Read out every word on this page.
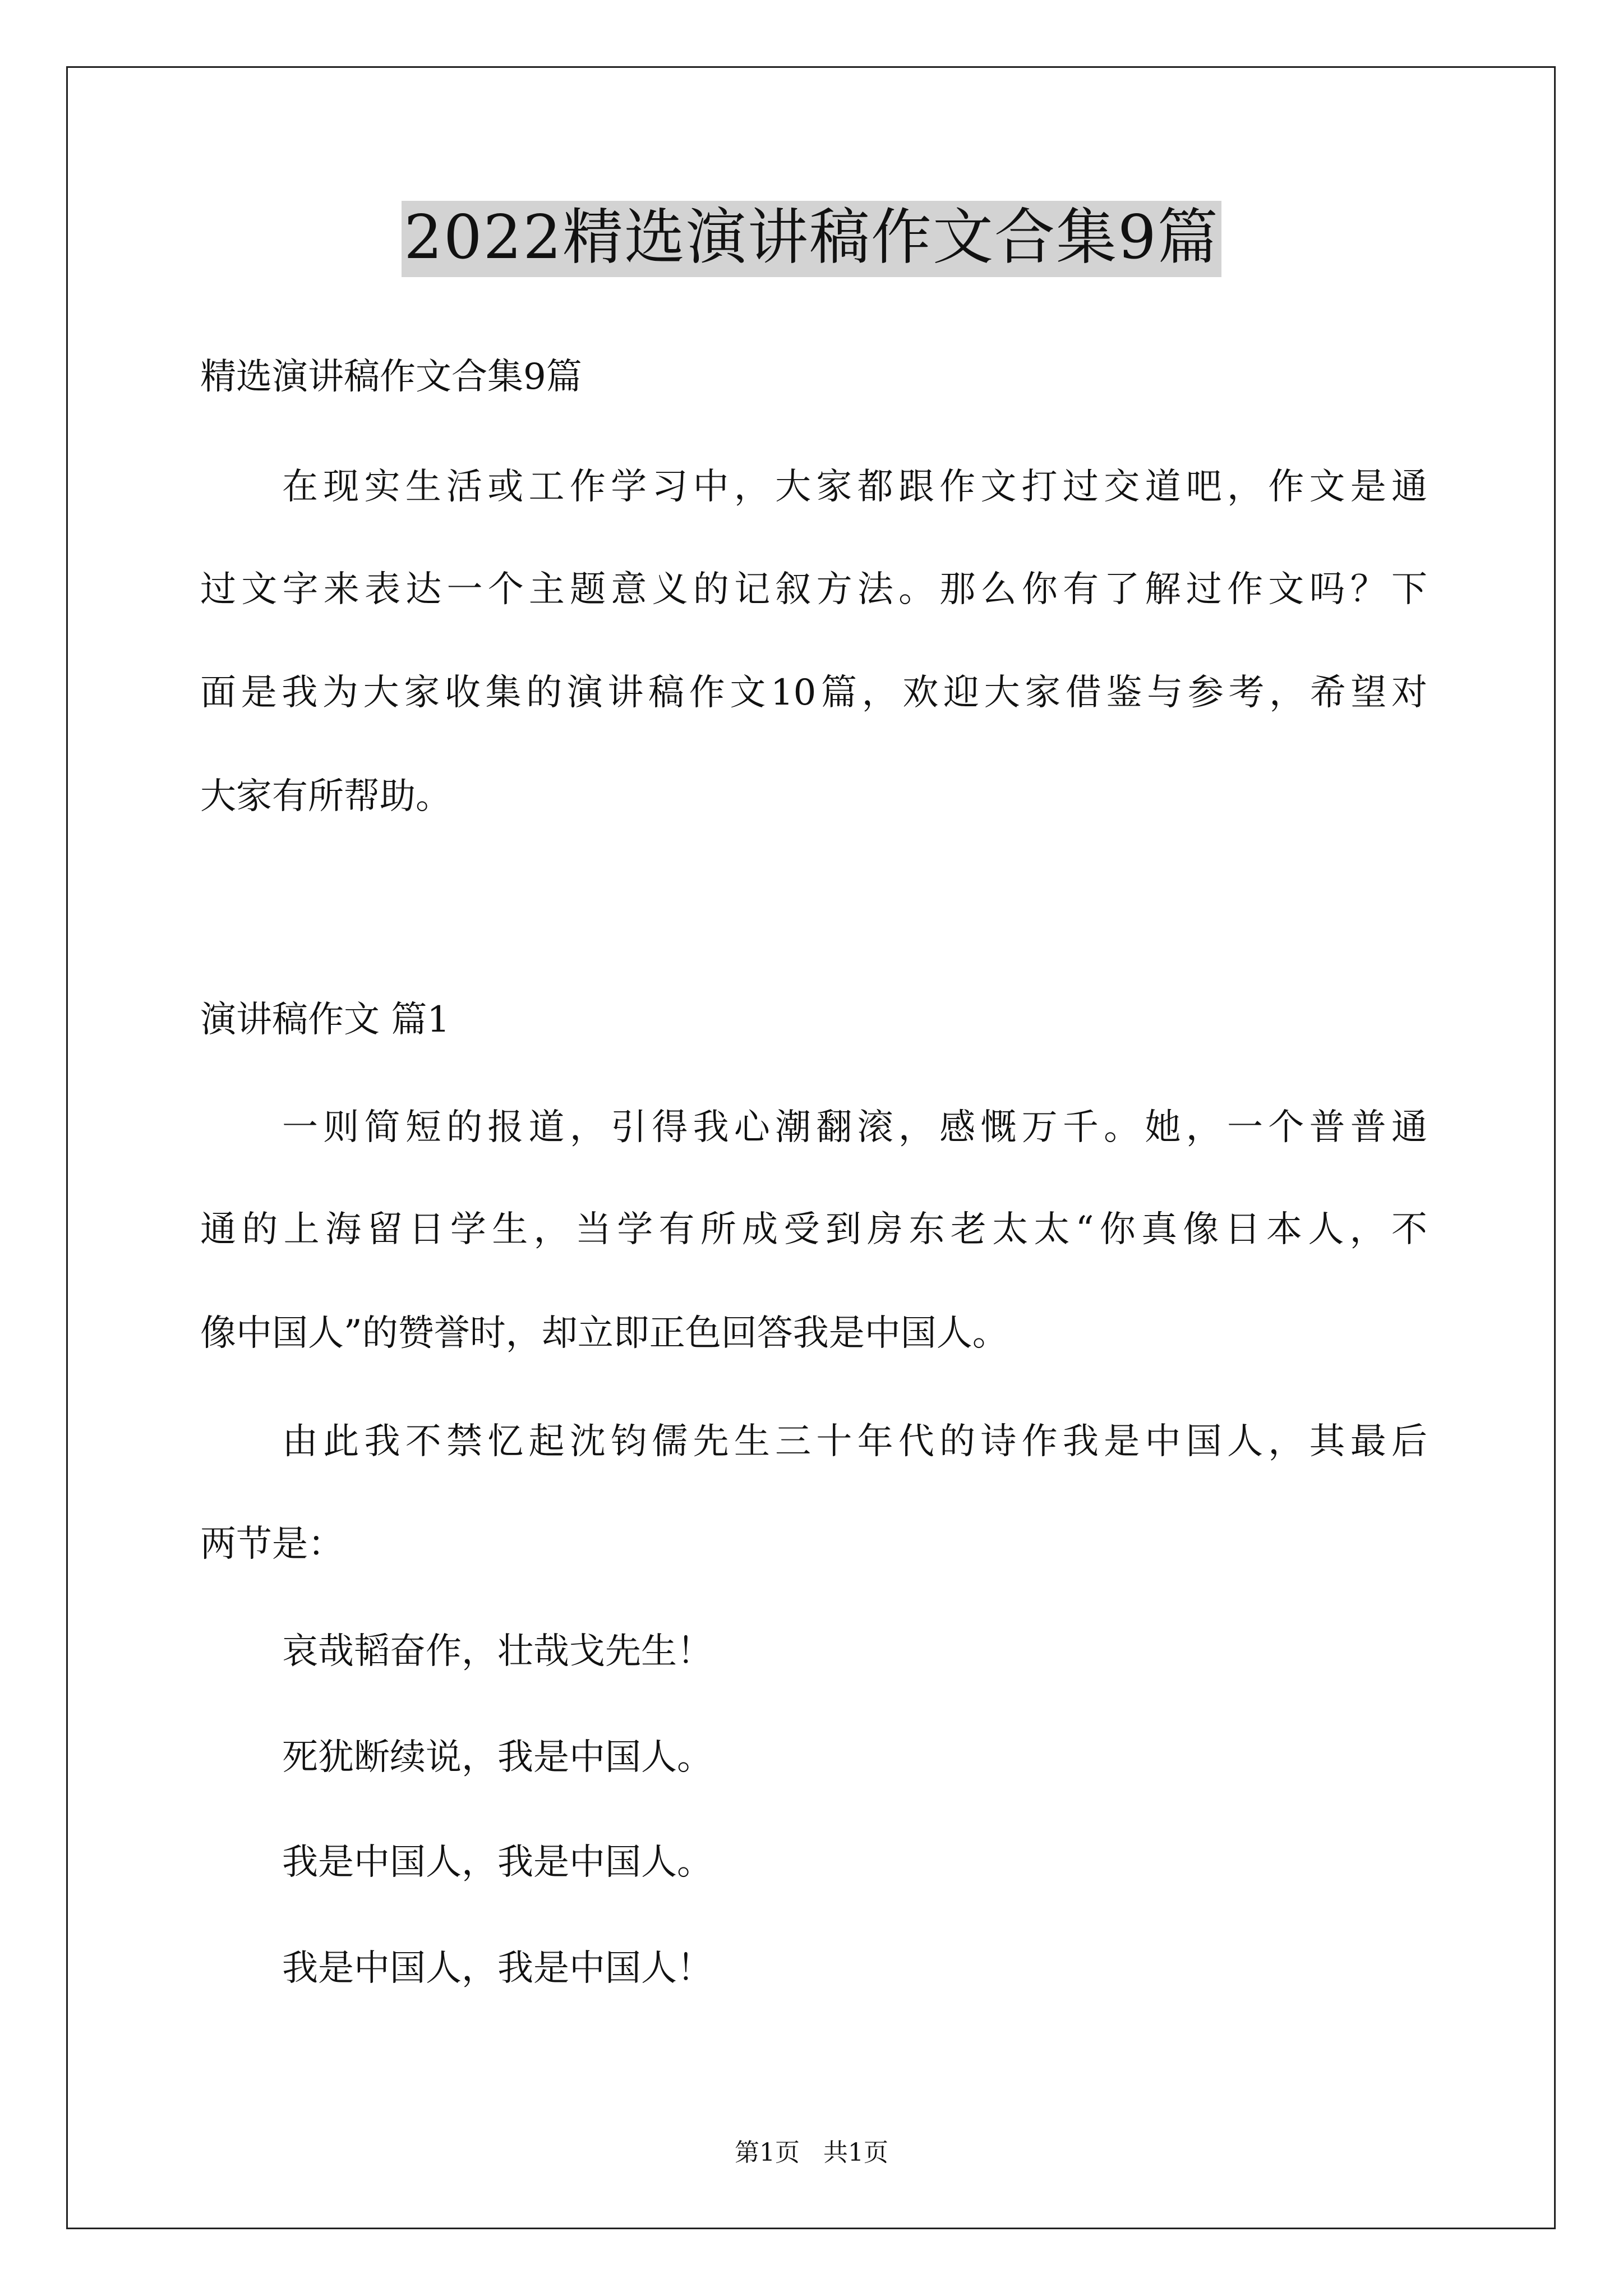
2022精选演讲稿作文合集9篇

精选演讲稿作文合集9篇

在现实生活或工作学习中，大家都跟作文打过交道吧，作文是通

过文字来表达一个主题意义的记叙方法。那么你有了解过作文吗？下

面是我为大家收集的演讲稿作文10篇，欢迎大家借鉴与参考，希望对

大家有所帮助。

演讲稿作文 篇1

一则简短的报道，引得我心潮翻滚，感慨万千。她，一个普普通

通的上海留日学生，当学有所成受到房东老太太“你真像日本人，不

像中国人”的赞誉时，却立即正色回答我是中国人。

由此我不禁忆起沈钧儒先生三十年代的诗作我是中国人，其最后

两节是：

哀哉韬奋作，壮哉戈先生！

死犹断续说，我是中国人。

我是中国人，我是中国人。

我是中国人，我是中国人！

第1页   共1页
